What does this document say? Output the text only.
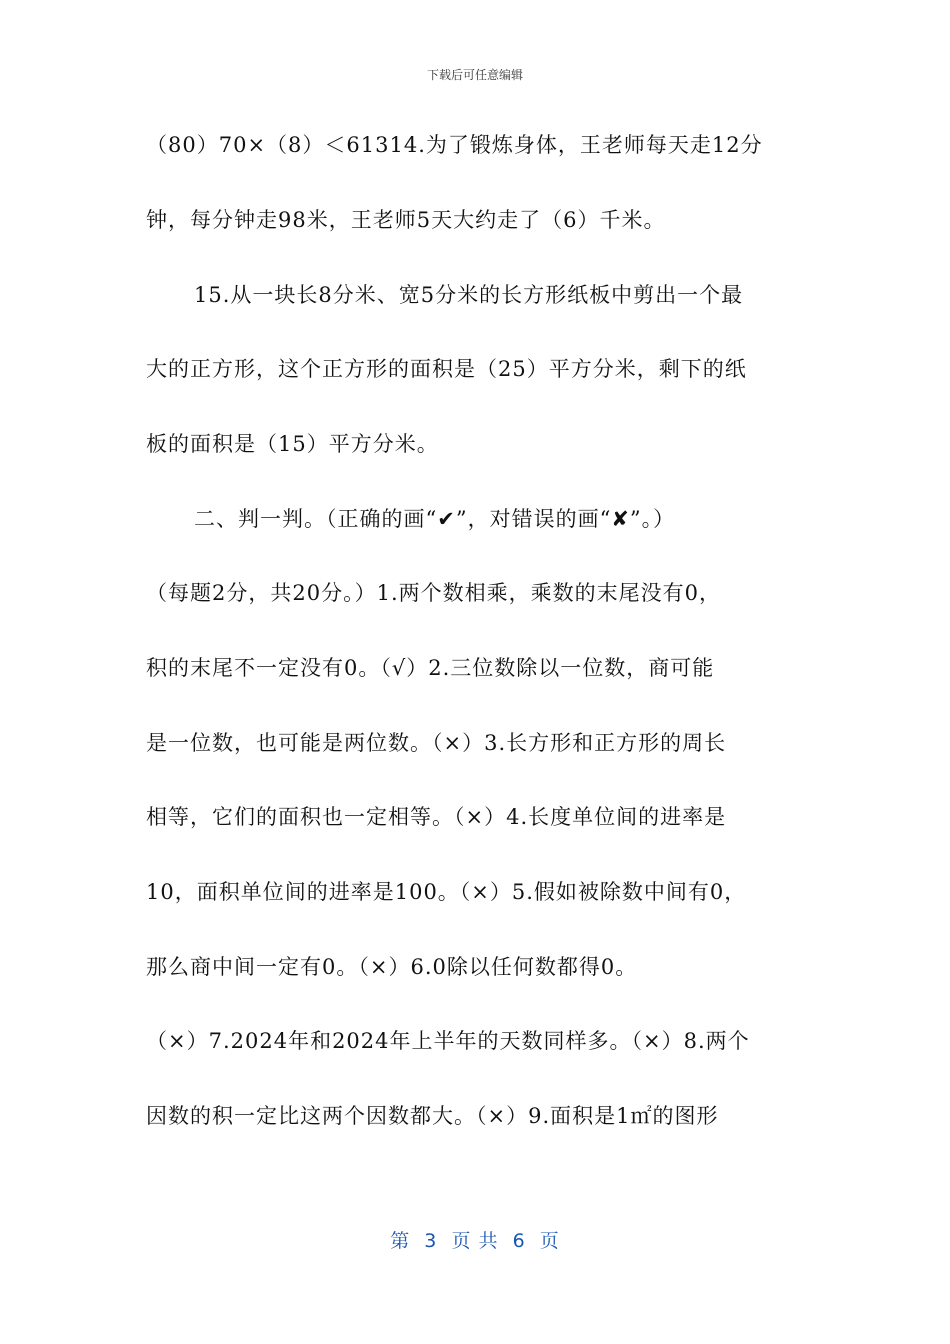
下载后可任意编辑
（80）70×（8）＜61314.为了锻炼身体，王老师每天走12分
钟，每分钟走98米，王老师5天大约走了（6）千米。
15.从一块长8分米、宽5分米的长方形纸板中剪出一个最
大的正方形，这个正方形的面积是（25）平方分米，剩下的纸
板的面积是（15）平方分米。
二、判一判。（正确的画“✔”，对错误的画“✘”。）
（每题2分，共20分。）1.两个数相乘，乘数的末尾没有0，
积的末尾不一定没有0。（√）2.三位数除以一位数，商可能
是一位数，也可能是两位数。（×）3.长方形和正方形的周长
相等，它们的面积也一定相等。（×）4.长度单位间的进率是
10，面积单位间的进率是100。（×）5.假如被除数中间有0，
那么商中间一定有0。（×）6.0除以任何数都得0。
（×）7.2024年和2024年上半年的天数同样多。（×）8.两个
因数的积一定比这两个因数都大。（×）9.面积是1㎡的图形
第  3  页 共  6  页
